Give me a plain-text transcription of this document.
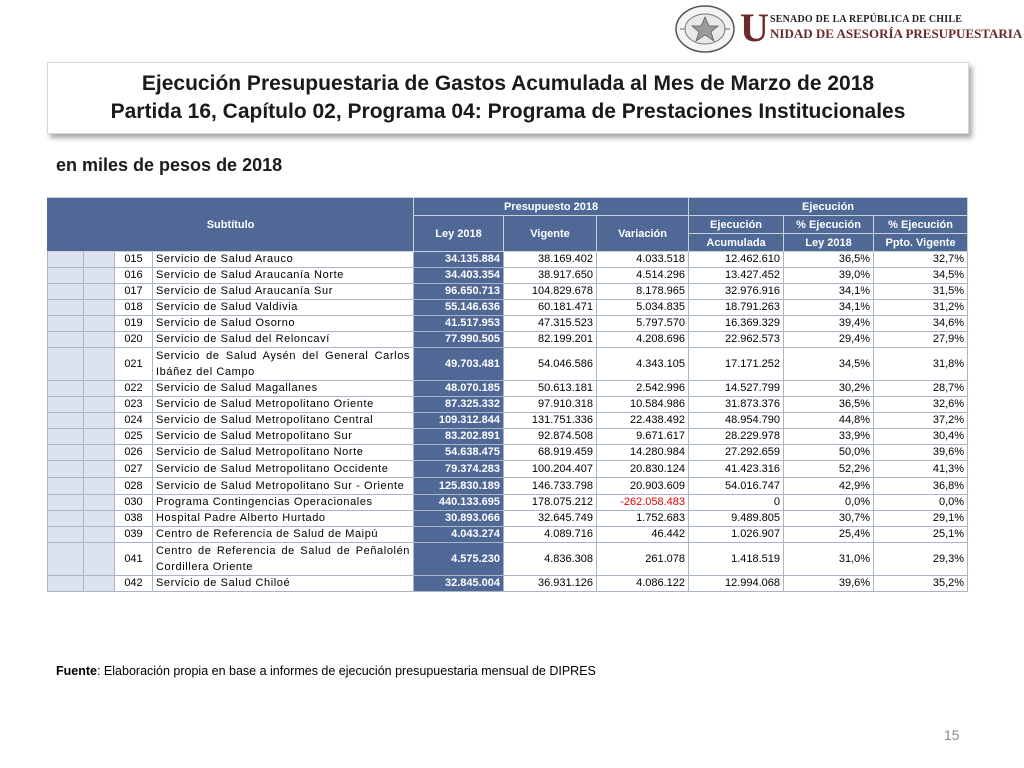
U SENADO DE LA REPÚBLICA DE CHILE
NIDAD DE ASESORÍA PRESUPUESTARIA
Ejecución Presupuestaria de Gastos Acumulada al Mes de Marzo de 2018
Partida 16, Capítulo 02, Programa 04: Programa de Prestaciones Institucionales
en miles de pesos de 2018
Subtítulo				Presupuesto 2018			Ejecución		
				Ley 2018	Vigente	Variación	Ejecución	% Ejecución	% Ejecución
							Acumulada	Ley 2018	Ppto. Vigente
		015	Servicio de Salud Arauco	34.135.884	38.169.402	4.033.518	12.462.610	36,5%	32,7%
		016	Servicio de Salud Araucanía Norte	34.403.354	38.917.650	4.514.296	13.427.452	39,0%	34,5%
		017	Servicio de Salud Araucanía Sur	96.650.713	104.829.678	8.178.965	32.976.916	34,1%	31,5%
		018	Servicio de Salud Valdivia	55.146.636	60.181.471	5.034.835	18.791.263	34,1%	31,2%
		019	Servicio de Salud Osorno	41.517.953	47.315.523	5.797.570	16.369.329	39,4%	34,6%
		020	Servicio de Salud del Reloncaví	77.990.505	82.199.201	4.208.696	22.962.573	29,4%	27,9%
		021	Servicio de Salud Aysén del General Carlos Ibáñez del Campo	49.703.481	54.046.586	4.343.105	17.171.252	34,5%	31,8%
		022	Servicio de Salud Magallanes	48.070.185	50.613.181	2.542.996	14.527.799	30,2%	28,7%
		023	Servicio de Salud Metropolitano Oriente	87.325.332	97.910.318	10.584.986	31.873.376	36,5%	32,6%
		024	Servicio de Salud Metropolitano Central	109.312.844	131.751.336	22.438.492	48.954.790	44,8%	37,2%
		025	Servicio de Salud Metropolitano Sur	83.202.891	92.874.508	9.671.617	28.229.978	33,9%	30,4%
		026	Servicio de Salud Metropolitano Norte	54.638.475	68.919.459	14.280.984	27.292.659	50,0%	39,6%
		027	Servicio de Salud Metropolitano Occidente	79.374.283	100.204.407	20.830.124	41.423.316	52,2%	41,3%
		028	Servicio de Salud Metropolitano Sur - Oriente	125.830.189	146.733.798	20.903.609	54.016.747	42,9%	36,8%
		030	Programa Contingencias Operacionales	440.133.695	178.075.212	-262.058.483	0	0,0%	0,0%
		038	Hospital Padre Alberto Hurtado	30.893.066	32.645.749	1.752.683	9.489.805	30,7%	29,1%
		039	Centro de Referencia de Salud de Maipú	4.043.274	4.089.716	46.442	1.026.907	25,4%	25,1%
		041	Centro de Referencia de Salud de Peñalolén Cordillera Oriente	4.575.230	4.836.308	261.078	1.418.519	31,0%	29,3%
		042	Servicio de Salud Chiloé	32.845.004	36.931.126	4.086.122	12.994.068	39,6%	35,2%
Fuente: Elaboración propia en base a informes de ejecución presupuestaria mensual de DIPRES
15
